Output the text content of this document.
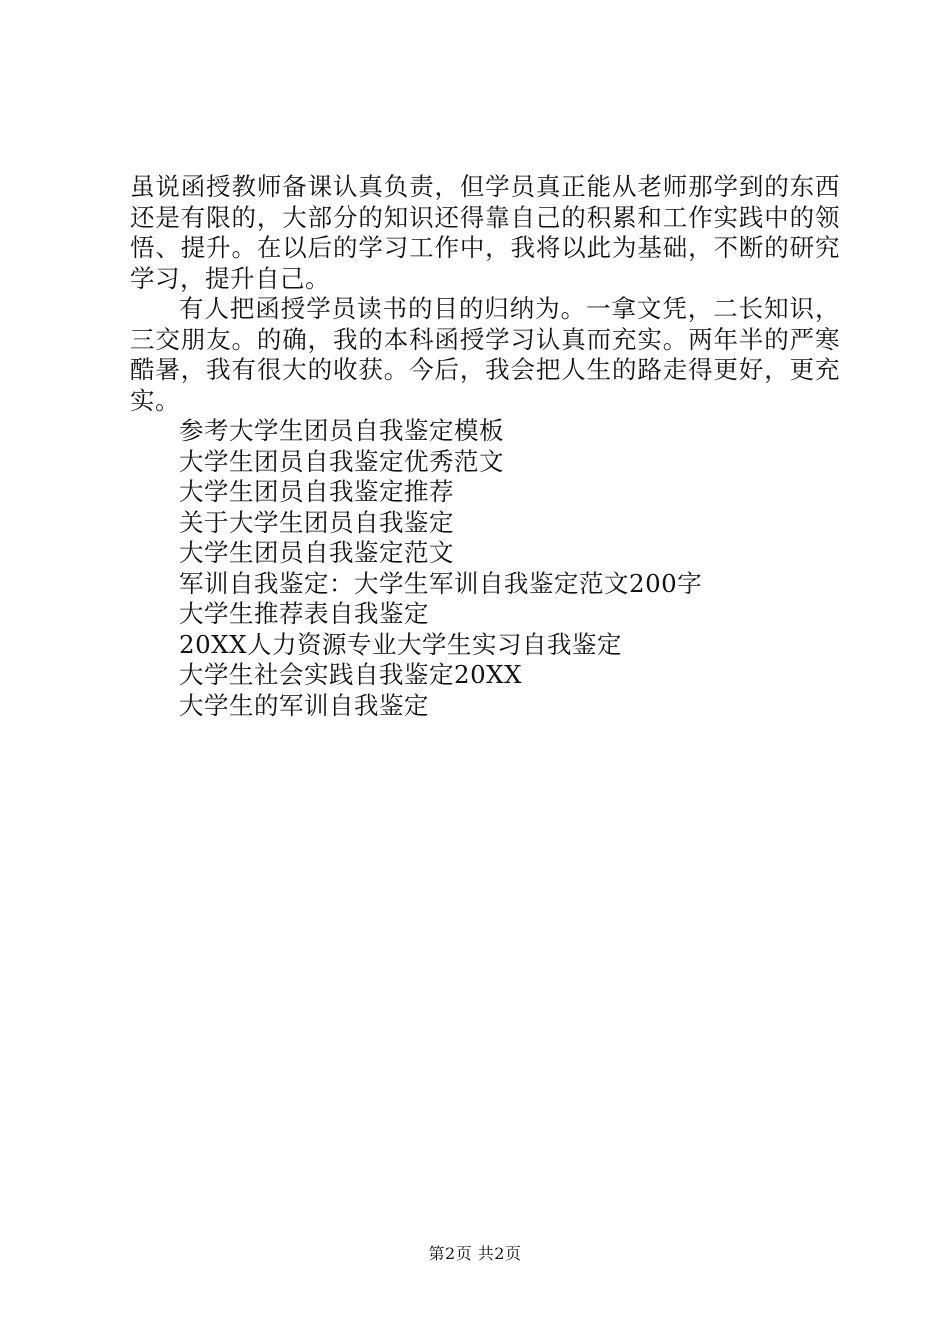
虽说函授教师备课认真负责，但学员真正能从老师那学到的东西还是有限的，大部分的知识还得靠自己的积累和工作实践中的领悟、提升。在以后的学习工作中，我将以此为基础，不断的研究学习，提升自己。

有人把函授学员读书的目的归纳为。一拿文凭，二长知识，三交朋友。的确，我的本科函授学习认真而充实。两年半的严寒酷暑，我有很大的收获。今后，我会把人生的路走得更好，更充实。

参考大学生团员自我鉴定模板
大学生团员自我鉴定优秀范文
大学生团员自我鉴定推荐
关于大学生团员自我鉴定
大学生团员自我鉴定范文
军训自我鉴定：大学生军训自我鉴定范文200字
大学生推荐表自我鉴定
20XX人力资源专业大学生实习自我鉴定
大学生社会实践自我鉴定20XX
大学生的军训自我鉴定
第2页 共2页
